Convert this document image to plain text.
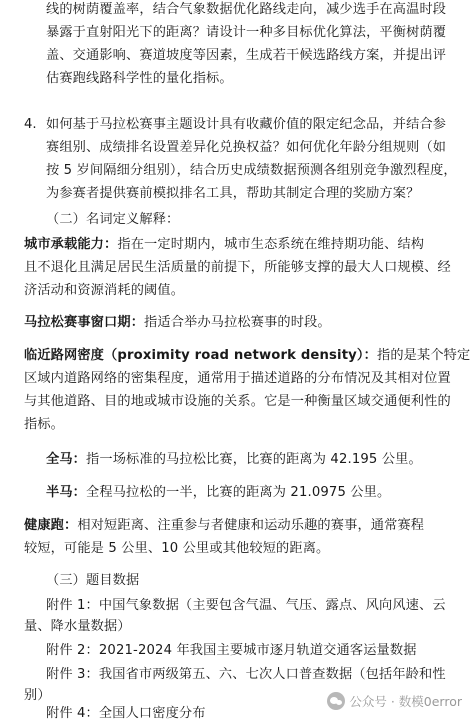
线的树荫覆盖率，结合气象数据优化路线走向，减少选手在高温时段
暴露于直射阳光下的距离？请设计一种多目标优化算法，平衡树荫覆
盖、交通影响、赛道坡度等因素，生成若干候选路线方案，并提出评
估赛跑线路科学性的量化指标。
4. 如何基于马拉松赛事主题设计具有收藏价值的限定纪念品，并结合参
赛组别、成绩排名设置差异化兑换权益？如何优化年龄分组规则（如
按 5 岁间隔细分组别），结合历史成绩数据预测各组别竞争激烈程度，
为参赛者提供赛前模拟排名工具，帮助其制定合理的奖励方案？
（二）名词定义解释：
城市承载能力：指在一定时期内，城市生态系统在维持期功能、结构
且不退化且满足居民生活质量的前提下，所能够支撑的最大人口规模、经
济活动和资源消耗的阈值。
马拉松赛事窗口期：指适合举办马拉松赛事的时段。
临近路网密度（proximity road network density）：指的是某个特定
区域内道路网络的密集程度，通常用于描述道路的分布情况及其相对位置
与其他道路、目的地或城市设施的关系。它是一种衡量区域交通便利性的
指标。
全马：指一场标准的马拉松比赛，比赛的距离为 42.195 公里。
半马：全程马拉松的一半，比赛的距离为 21.0975 公里。
健康跑：相对短距离、注重参与者健康和运动乐趣的赛事，通常赛程
较短，可能是 5 公里、10 公里或其他较短的距离。
（三）题目数据
附件 1：中国气象数据（主要包含气温、气压、露点、风向风速、云
量、降水量数据）
附件 2：2021-2024 年我国主要城市逐月轨道交通客运量数据
附件 3：我国省市两级第五、六、七次人口普查数据（包括年龄和性
别）
附件 4：全国人口密度分布
公众号 · 数模0error
